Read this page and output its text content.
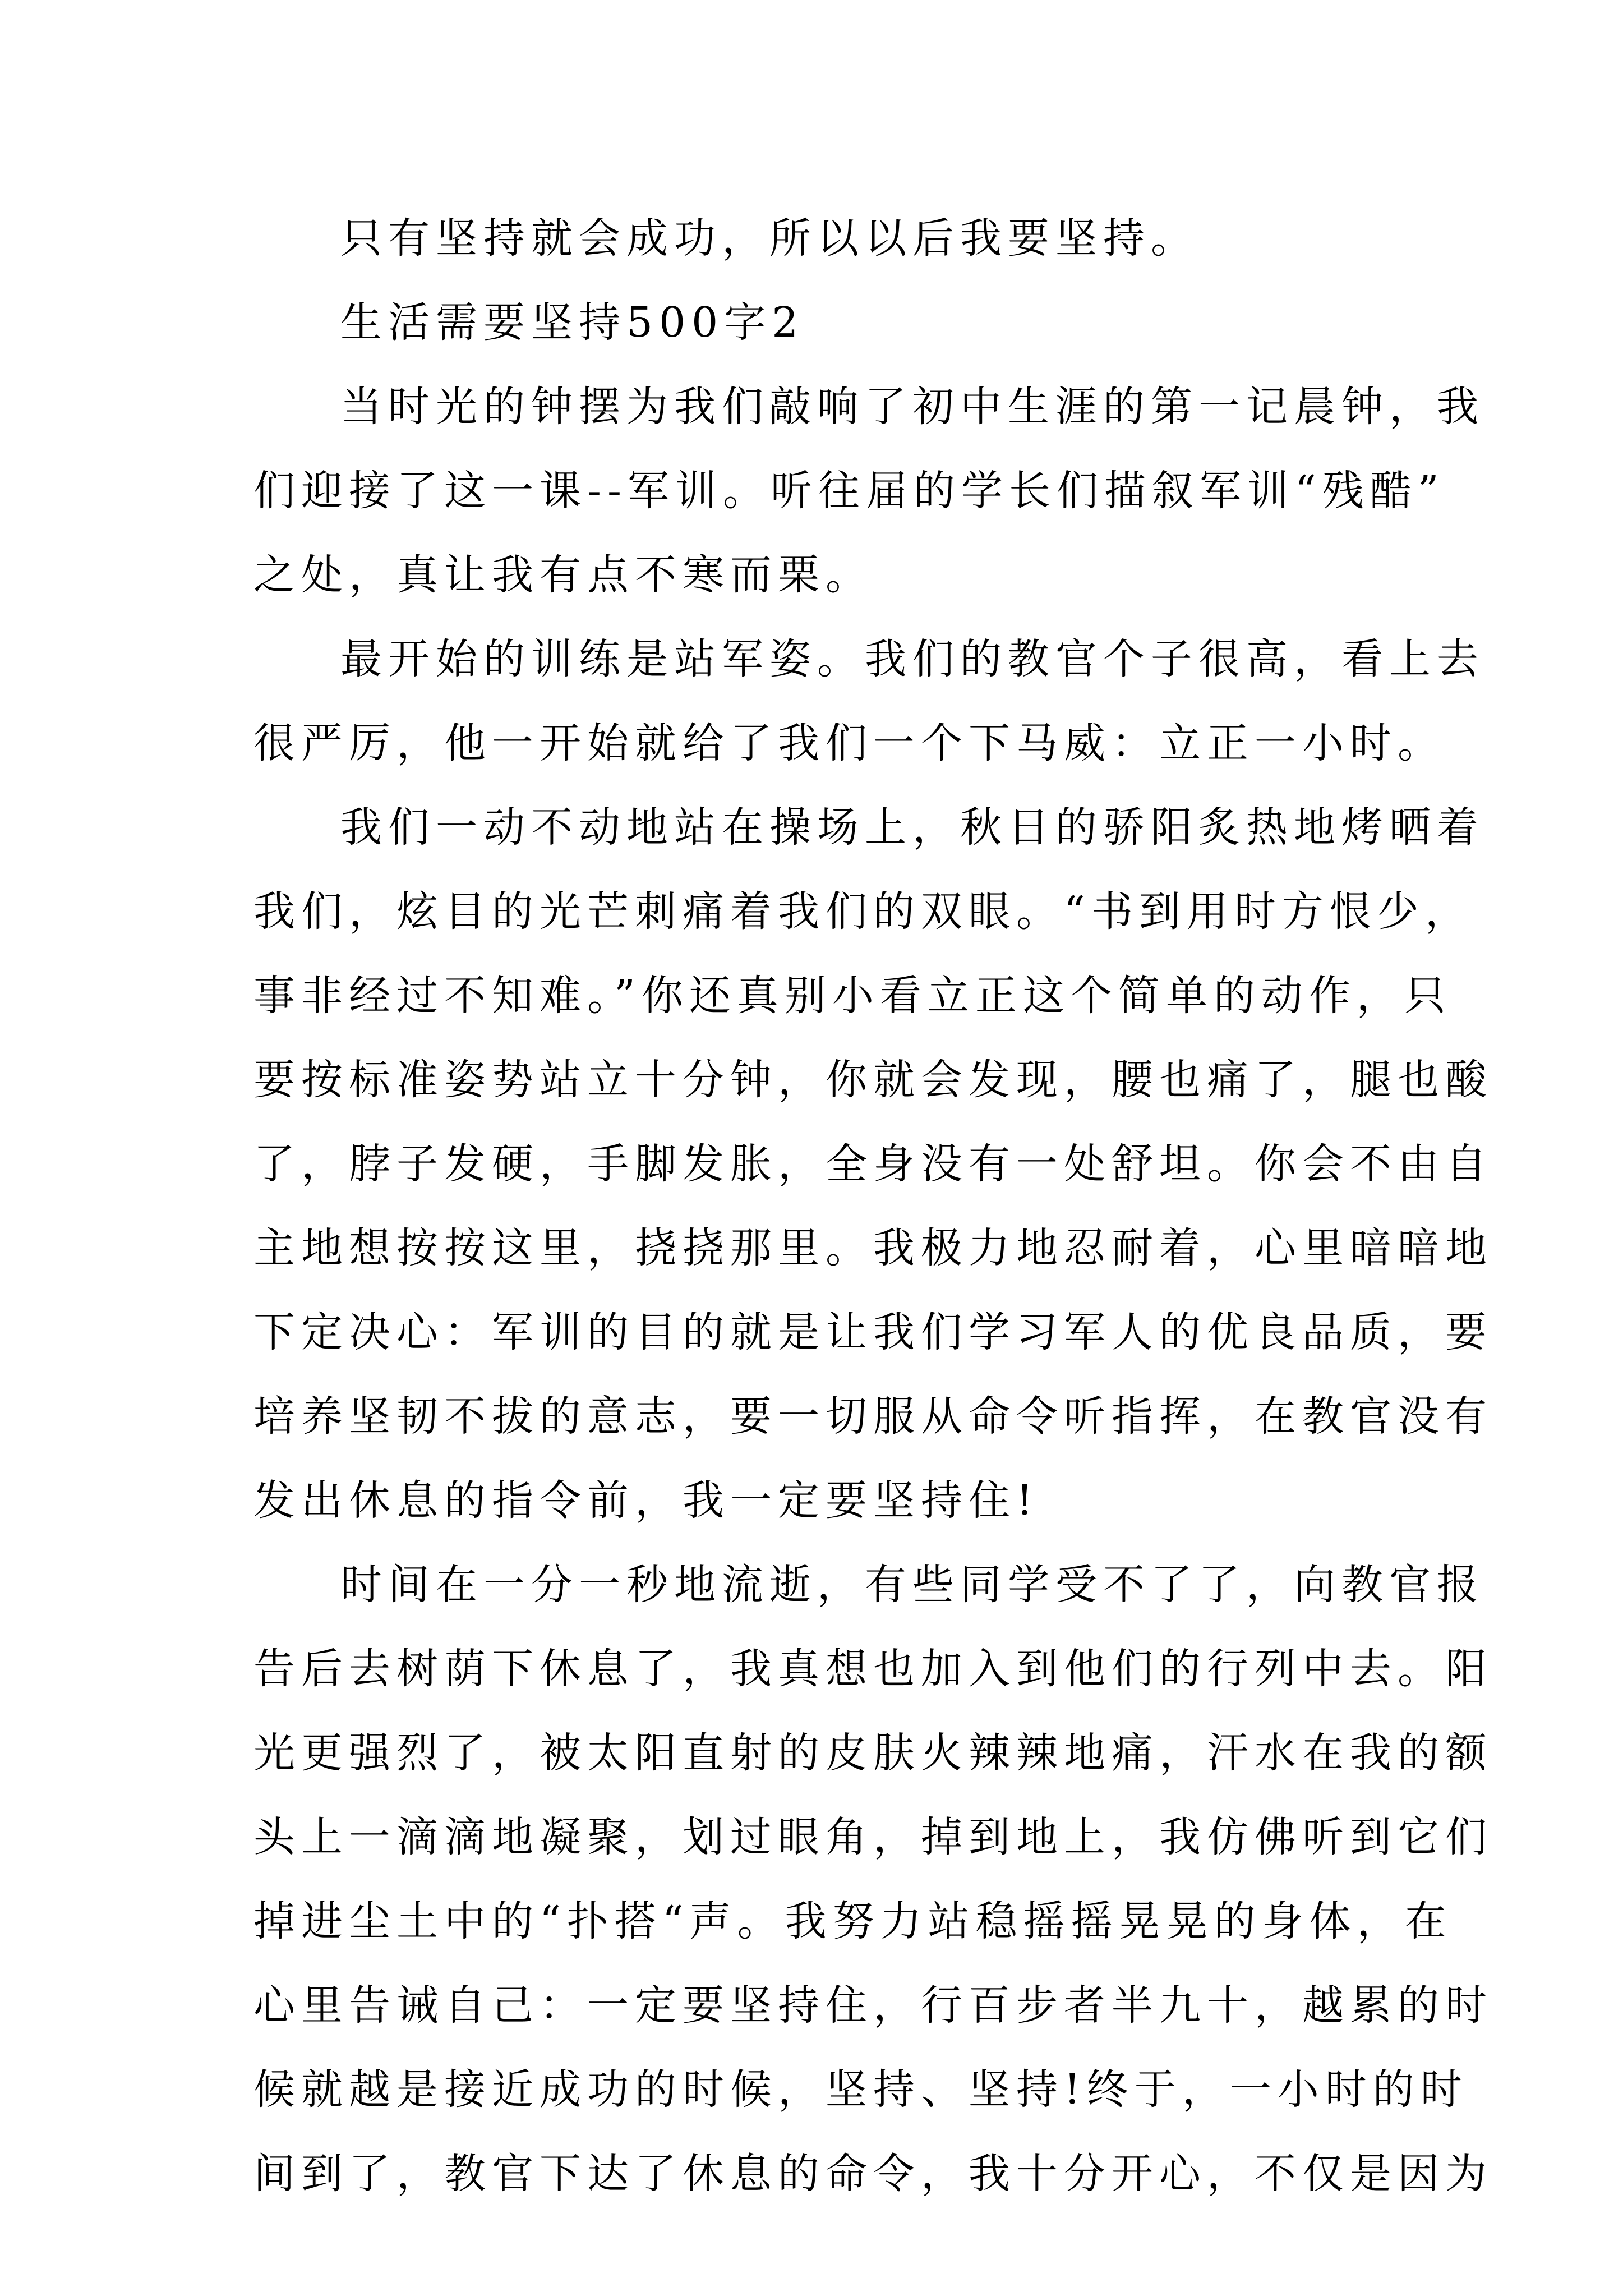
只有坚持就会成功，所以以后我要坚持。
生活需要坚持500字2
当时光的钟摆为我们敲响了初中生涯的第一记晨钟，我
们迎接了这一课--军训。听往届的学长们描叙军训“残酷”
之处，真让我有点不寒而栗。
最开始的训练是站军姿。我们的教官个子很高，看上去
很严厉，他一开始就给了我们一个下马威：立正一小时。
我们一动不动地站在操场上，秋日的骄阳炙热地烤晒着
我们，炫目的光芒刺痛着我们的双眼。“书到用时方恨少，
事非经过不知难。”你还真别小看立正这个简单的动作，只
要按标准姿势站立十分钟，你就会发现，腰也痛了，腿也酸
了，脖子发硬，手脚发胀，全身没有一处舒坦。你会不由自
主地想按按这里，挠挠那里。我极力地忍耐着，心里暗暗地
下定决心：军训的目的就是让我们学习军人的优良品质，要
培养坚韧不拔的意志，要一切服从命令听指挥，在教官没有
发出休息的指令前，我一定要坚持住!
时间在一分一秒地流逝，有些同学受不了了，向教官报
告后去树荫下休息了，我真想也加入到他们的行列中去。阳
光更强烈了，被太阳直射的皮肤火辣辣地痛，汗水在我的额
头上一滴滴地凝聚，划过眼角，掉到地上，我仿佛听到它们
掉进尘土中的“扑搭“声。我努力站稳摇摇晃晃的身体，在
心里告诫自己：一定要坚持住，行百步者半九十，越累的时
候就越是接近成功的时候，坚持、坚持!终于，一小时的时
间到了，教官下达了休息的命令，我十分开心，不仅是因为
